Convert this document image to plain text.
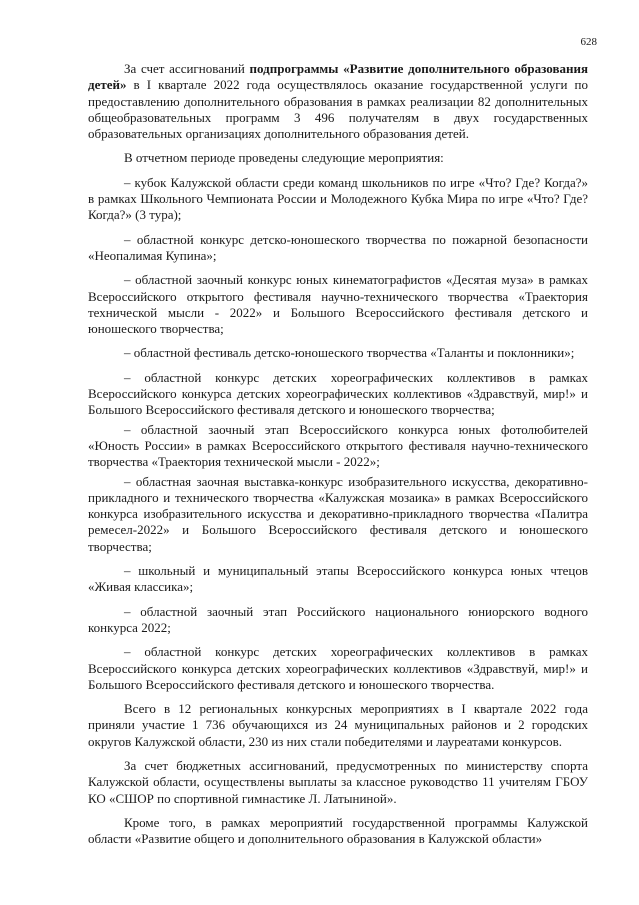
628

За счет ассигнований подпрограммы «Развитие дополнительного образования детей» в I квартале 2022 года осуществлялось оказание государственной услуги по предоставлению дополнительного образования в рамках реализации 82 дополнительных общеобразовательных программ 3 496 получателям в двух государственных образовательных организациях дополнительного образования детей.

В отчетном периоде проведены следующие мероприятия:

– кубок Калужской области среди команд школьников по игре «Что? Где? Когда?» в рамках Школьного Чемпионата России и Молодежного Кубка Мира по игре «Что? Где? Когда?» (3 тура);

– областной конкурс детско-юношеского творчества по пожарной безопасности «Неопалимая Купина»;

– областной заочный конкурс юных кинематографистов «Десятая муза» в рамках Всероссийского открытого фестиваля научно-технического творчества «Траектория технической мысли - 2022» и Большого Всероссийского фестиваля детского и юношеского творчества;

– областной фестиваль детско-юношеского творчества «Таланты и поклонники»;

– областной конкурс детских хореографических коллективов в рамках Всероссийского конкурса детских хореографических коллективов «Здравствуй, мир!» и Большого Всероссийского фестиваля детского и юношеского творчества;

– областной заочный этап Всероссийского конкурса юных фотолюбителей «Юность России» в рамках Всероссийского открытого фестиваля научно-технического творчества «Траектория технической мысли - 2022»;

– областная заочная выставка-конкурс изобразительного искусства, декоративно-прикладного и технического творчества «Калужская мозаика» в рамках Всероссийского конкурса изобразительного искусства и декоративно-прикладного творчества «Палитра ремесел-2022» и Большого Всероссийского фестиваля детского и юношеского творчества;

– школьный и муниципальный этапы Всероссийского конкурса юных чтецов «Живая классика»;

– областной заочный этап Российского национального юниорского водного конкурса 2022;

– областной конкурс детских хореографических коллективов в рамках Всероссийского конкурса детских хореографических коллективов «Здравствуй, мир!» и Большого Всероссийского фестиваля детского и юношеского творчества.

Всего в 12 региональных конкурсных мероприятиях в I квартале 2022 года приняли участие 1 736 обучающихся из 24 муниципальных районов и 2 городских округов Калужской области, 230 из них стали победителями и лауреатами конкурсов.

За счет бюджетных ассигнований, предусмотренных по министерству спорта Калужской области, осуществлены выплаты за классное руководство 11 учителям ГБОУ КО «СШОР по спортивной гимнастике Л. Латыниной».

Кроме того, в рамках мероприятий государственной программы Калужской области «Развитие общего и дополнительного образования в Калужской области»
